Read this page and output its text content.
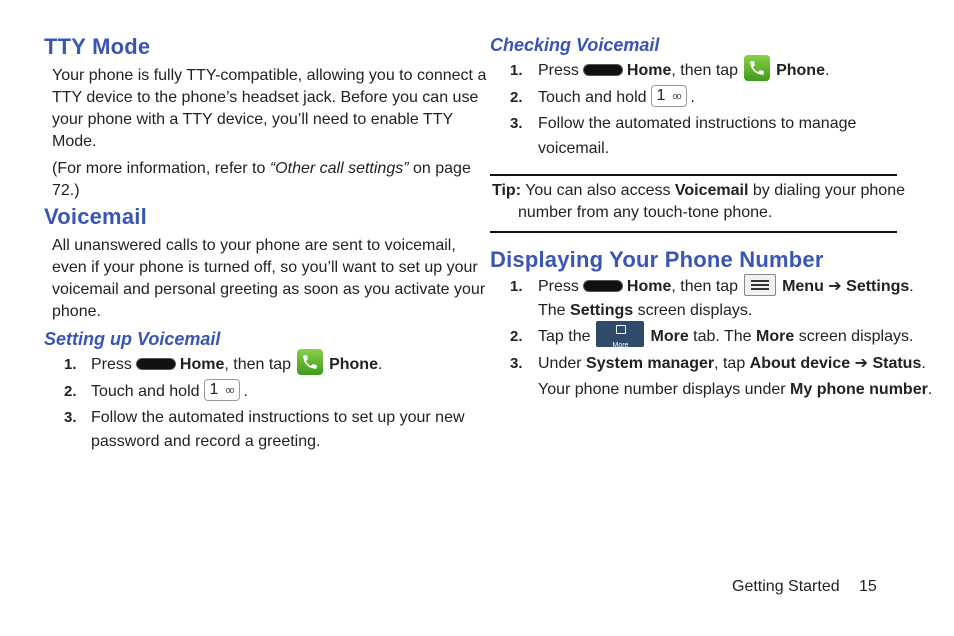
TTY Mode
Your phone is fully TTY-compatible, allowing you to connect a
TTY device to the phone’s headset jack. Before you can use
your phone with a TTY device, you’ll need to enable TTY
Mode.
(For more information, refer to “Other call settings” on page
72.)
Voicemail
All unanswered calls to your phone are sent to voicemail,
even if your phone is turned off, so you’ll want to set up your
voicemail and personal greeting as soon as you activate your
phone.
Setting up Voicemail
1. Press	Home, then tap Phone.
2. Touch and hold 1 oo .
3. Follow the automated instructions to set up your new
password and record a greeting.
Checking Voicemail
1. Press	Home, then tap Phone.
2. Touch and hold 1 oo .
3. Follow the automated instructions to manage
voicemail.
Tip: You can also access Voicemail by dialing your phone
number from any touch-tone phone.
Displaying Your Phone Number
1. Press	Home, then tap	Menu ➔ Settings.
The Settings screen displays.
2. Tap the
More
More tab. The More screen displays.
3. Under System manager, tap About device ➔ Status.
Your phone number displays under My phone number.
Getting Started 15
